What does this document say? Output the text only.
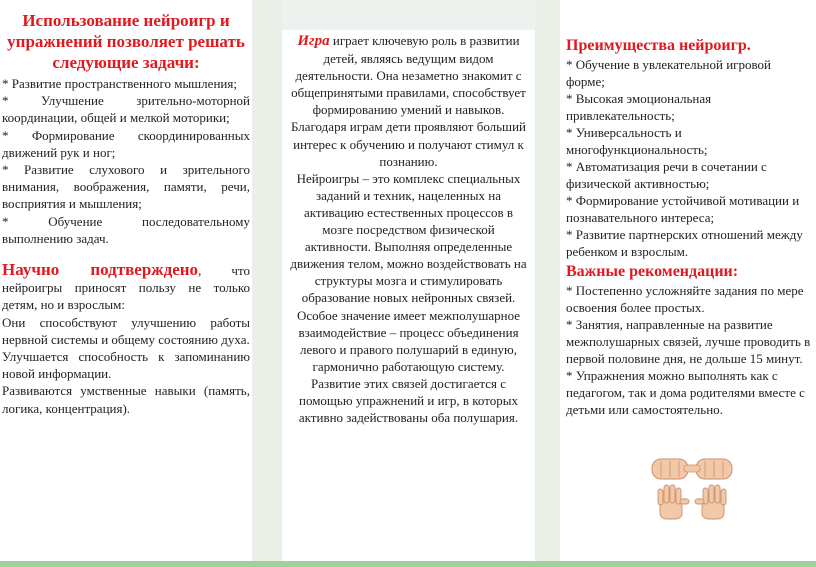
Использование нейроигр и упражнений позволяет решать следующие задачи:

* Развитие пространственного мышления;

* Улучшение зрительно-моторной координации, общей и мелкой моторики;

* Формирование скоординированных движений рук и ног;

* Развитие слухового и зрительного внимания, воображения, памяти, речи, восприятия и мышления;

* Обучение последовательному выполнению задач.

Научно подтверждено, что нейроигры приносят пользу не только детям, но и взрослым:

Они способствуют улучшению работы нервной системы и общему состоянию духа.

Улучшается способность к запоминанию новой информации.

Развиваются умственные навыки (память, логика, концентрация).

Игра играет ключевую роль в развитии детей, являясь ведущим видом деятельности. Она незаметно знакомит с общепринятыми правилами, способствует формированию умений и навыков. Благодаря играм дети проявляют больший интерес к обучению и получают стимул к познанию.

Нейроигры – это комплекс специальных заданий и техник, нацеленных на активацию естественных процессов в мозге посредством физической активности. Выполняя определенные движения телом, можно воздействовать на структуры мозга и стимулировать образование новых нейронных связей.

Особое значение имеет межполушарное взаимодействие – процесс объединения левого и правого полушарий в единую, гармонично работающую систему. Развитие этих связей достигается с помощью упражнений и игр, в которых активно задействованы оба полушария.

Преимущества нейроигр.

* Обучение в увлекательной игровой форме;

* Высокая эмоциональная привлекательность;

* Универсальность и многофункциональность;

* Автоматизация речи в сочетании с физической активностью;

* Формирование устойчивой мотивации и познавательного интереса;

* Развитие партнерских отношений между ребенком и взрослым.

Важные рекомендации:

* Постепенно усложняйте задания по мере освоения более простых.

* Занятия, направленные на развитие межполушарных связей, лучше проводить в первой половине дня, не дольше 15 минут.

* Упражнения можно выполнять как с педагогом, так и дома родителями вместе с детьми или самостоятельно.
